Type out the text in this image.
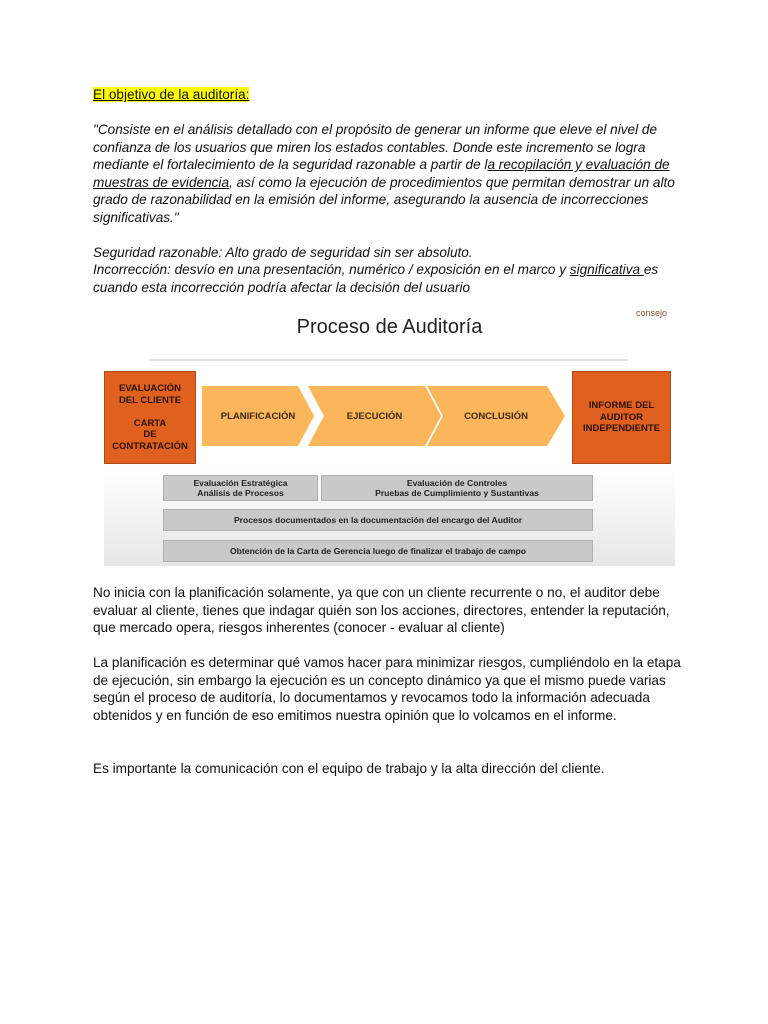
El objetivo de la auditoría:

"Consiste en el análisis detallado con el propósito de generar un informe que eleve el nivel de confianza de los usuarios que miren los estados contables. Donde este incremento se logra mediante el fortalecimiento de la seguridad razonable a partir de la recopilación y evaluación de muestras de evidencia, así como la ejecución de procedimientos que permitan demostrar un alto grado de razonabilidad en la emisión del informe, asegurando la ausencia de incorrecciones significativas."

Seguridad razonable: Alto grado de seguridad sin ser absoluto.

Incorrección: desvío en una presentación, numérico / exposición en el marco y significativa es cuando esta incorrección podría afectar la decisión del usuario

Proceso de Auditoría
consejo
EVALUACIÓN
DEL CLIENTE

CARTA
DE
CONTRATACIÓN
PLANIFICACIÓN	EJECUCIÓN	CONCLUSIÓN
INFORME DEL
AUDITOR
INDEPENDIENTE
Evaluación Estratégica
Análisis de Procesos
Evaluación de Controles
Pruebas de Cumplimiento y Sustantivas
Procesos documentados en la documentación del encargo del Auditor
Obtención de la Carta de Gerencia luego de finalizar el trabajo de campo

No inicia con la planificación solamente, ya que con un cliente recurrente o no, el auditor debe evaluar al cliente, tienes que indagar quién son los acciones, directores, entender la reputación, que mercado opera, riesgos inherentes (conocer - evaluar al cliente)

La planificación es determinar qué vamos hacer para minimizar riesgos, cumpliéndolo en la etapa de ejecución, sin embargo la ejecución es un concepto dinámico ya que el mismo puede varias según el proceso de auditoría, lo documentamos y revocamos todo la información adecuada obtenidos y en función de eso emitimos nuestra opinión que lo volcamos en el informe.

Es importante la comunicación con el equipo de trabajo y la alta dirección del cliente.
